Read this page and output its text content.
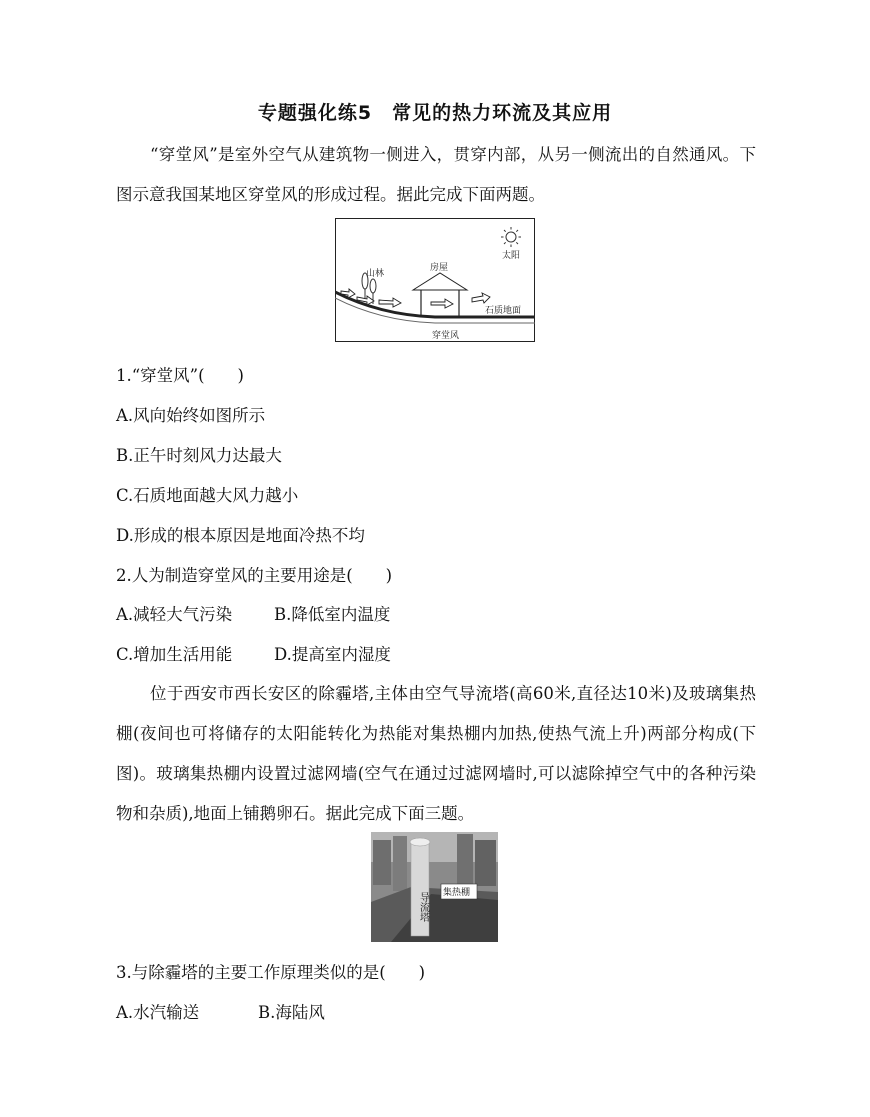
专题强化练5　常见的热力环流及其应用

“穿堂风”是室外空气从建筑物一侧进入，贯穿内部，从另一侧流出的自然通风。下图示意我国某地区穿堂风的形成过程。据此完成下面两题。

太阳
山林
房屋
石质地面
穿堂风

1.“穿堂风”(　　)

A.风向始终如图所示

B.正午时刻风力达最大

C.石质地面越大风力越小

D.形成的根本原因是地面冷热不均

2.人为制造穿堂风的主要用途是(　　)

A.减轻大气污染	B.降低室内温度

C.增加生活用能	D.提高室内湿度

位于西安市西长安区的除霾塔,主体由空气导流塔(高60米,直径达10米)及玻璃集热棚(夜间也可将储存的太阳能转化为热能对集热棚内加热,使热气流上升)两部分构成(下图)。玻璃集热棚内设置过滤网墙(空气在通过过滤网墙时,可以滤除掉空气中的各种污染物和杂质),地面上铺鹅卵石。据此完成下面三题。

导流塔 集热棚

3.与除霾塔的主要工作原理类似的是(　　)

A.水汽输送	B.海陆风
